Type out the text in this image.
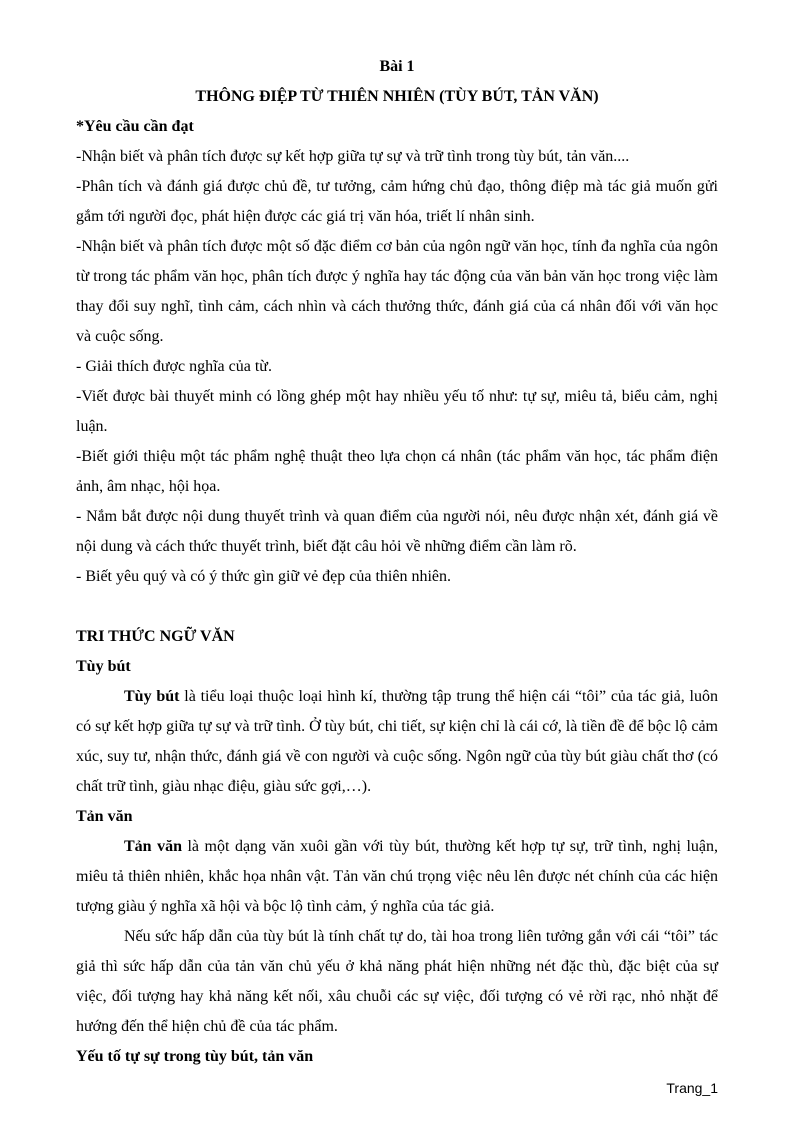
Bài 1
THÔNG ĐIỆP TỪ THIÊN NHIÊN (TÙY BÚT, TẢN VĂN)

*Yêu cầu cần đạt

-Nhận biết và phân tích được sự kết hợp giữa tự sự và trữ tình trong tùy bút, tản văn....

-Phân tích và đánh giá được chủ đề, tư tưởng, cảm hứng chủ đạo, thông điệp mà tác giả muốn gửi gắm tới người đọc, phát hiện được các giá trị văn hóa, triết lí nhân sinh.

-Nhận biết và phân tích được một số đặc điểm cơ bản của ngôn ngữ văn học, tính đa nghĩa của ngôn từ trong tác phẩm văn học, phân tích được ý nghĩa hay tác động của văn bản văn học trong việc làm thay đổi suy nghĩ, tình cảm, cách nhìn và cách thưởng thức, đánh giá của cá nhân đối với văn học và cuộc sống.

- Giải thích được nghĩa của từ.

-Viết được bài thuyết minh có lồng ghép một hay nhiều yếu tố như: tự sự, miêu tả, biểu cảm, nghị luận.

-Biết giới thiệu một tác phẩm nghệ thuật theo lựa chọn cá nhân (tác phẩm văn học, tác phẩm điện ảnh, âm nhạc, hội họa.

- Nắm bắt được nội dung thuyết trình và quan điểm của người nói, nêu được nhận xét, đánh giá về nội dung và cách thức thuyết trình, biết đặt câu hỏi về những điểm cần làm rõ.

- Biết yêu quý và có ý thức gìn giữ vẻ đẹp của thiên nhiên.

TRI THỨC NGỮ VĂN

Tùy bút

Tùy bút là tiểu loại thuộc loại hình kí, thường tập trung thể hiện cái “tôi” của tác giả, luôn có sự kết hợp giữa tự sự và trữ tình. Ở tùy bút, chi tiết, sự kiện chỉ là cái cớ, là tiền đề để bộc lộ cảm xúc, suy tư, nhận thức, đánh giá về con người và cuộc sống. Ngôn ngữ của tùy bút giàu chất thơ (có chất trữ tình, giàu nhạc điệu, giàu sức gợi,…).

Tản văn

Tản văn là một dạng văn xuôi gần với tùy bút, thường kết hợp tự sự, trữ tình, nghị luận, miêu tả thiên nhiên, khắc họa nhân vật. Tản văn chú trọng việc nêu lên được nét chính của các hiện tượng giàu ý nghĩa xã hội và bộc lộ tình cảm, ý nghĩa của tác giả.

Nếu sức hấp dẫn của tùy bút là tính chất tự do, tài hoa trong liên tưởng gắn với cái “tôi” tác giả thì sức hấp dẫn của tản văn chủ yếu ở khả năng phát hiện những nét đặc thù, đặc biệt của sự việc, đối tượng hay khả năng kết nối, xâu chuỗi các sự việc, đối tượng có vẻ rời rạc, nhỏ nhặt để hướng đến thể hiện chủ đề của tác phẩm.

Yếu tố tự sự trong tùy bút, tản văn

Trang_1
